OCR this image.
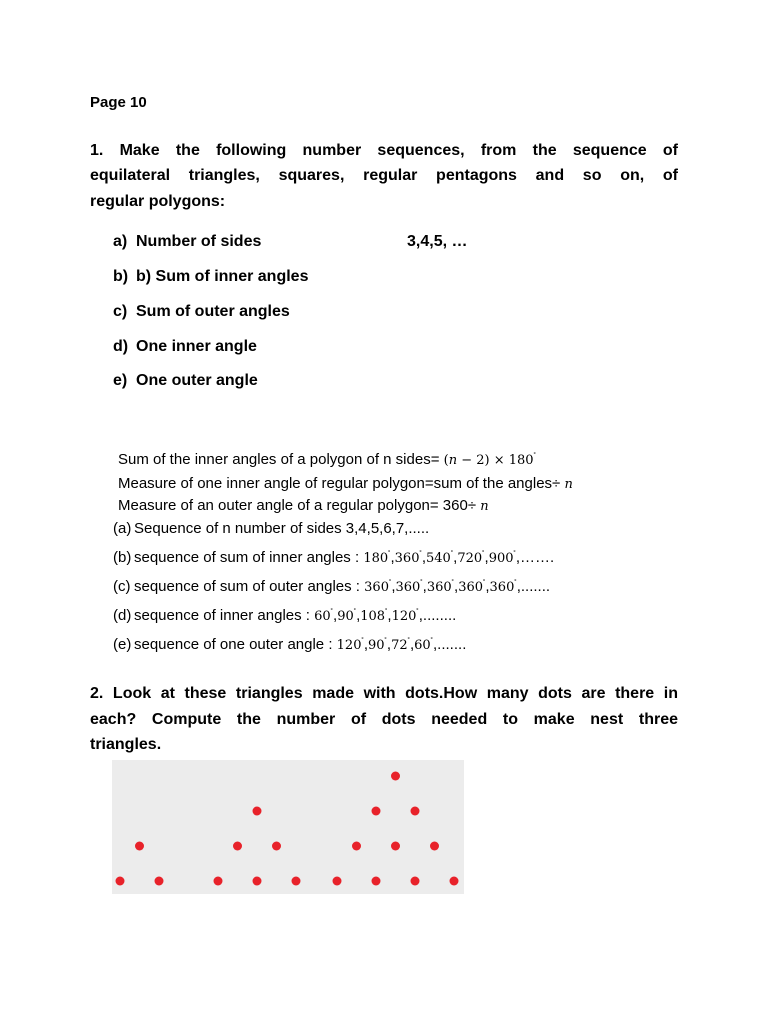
Page 10
1. Make the following number sequences, from the sequence of
equilateral triangles, squares, regular pentagons and so on, of
regular polygons:
a) Number of sides	3,4,5, …
b) b) Sum of inner angles
c) Sum of outer angles
d) One inner angle
e) One outer angle
Sum of the inner angles of a polygon of n sides= (𝑛 − 2) × 180˚
Measure of one inner angle of regular polygon=sum of the angles÷ 𝑛
Measure of an outer angle of a regular polygon= 360÷ 𝑛
(a) Sequence of n number of sides 3,4,5,6,7,.....
(b) sequence of sum of inner angles : 180˚,360˚,540˚,720˚,900˚,…….
(c) sequence of sum of outer angles : 360˚,360˚,360˚,360˚,360˚,.......
(d) sequence of inner angles : 60˚,90˚,108˚,120˚,........
(e) sequence of one outer angle : 120˚,90˚,72˚,60˚,.......
2. Look at these triangles made with dots.How many dots are there in
each? Compute the number of dots needed to make nest three
triangles.
